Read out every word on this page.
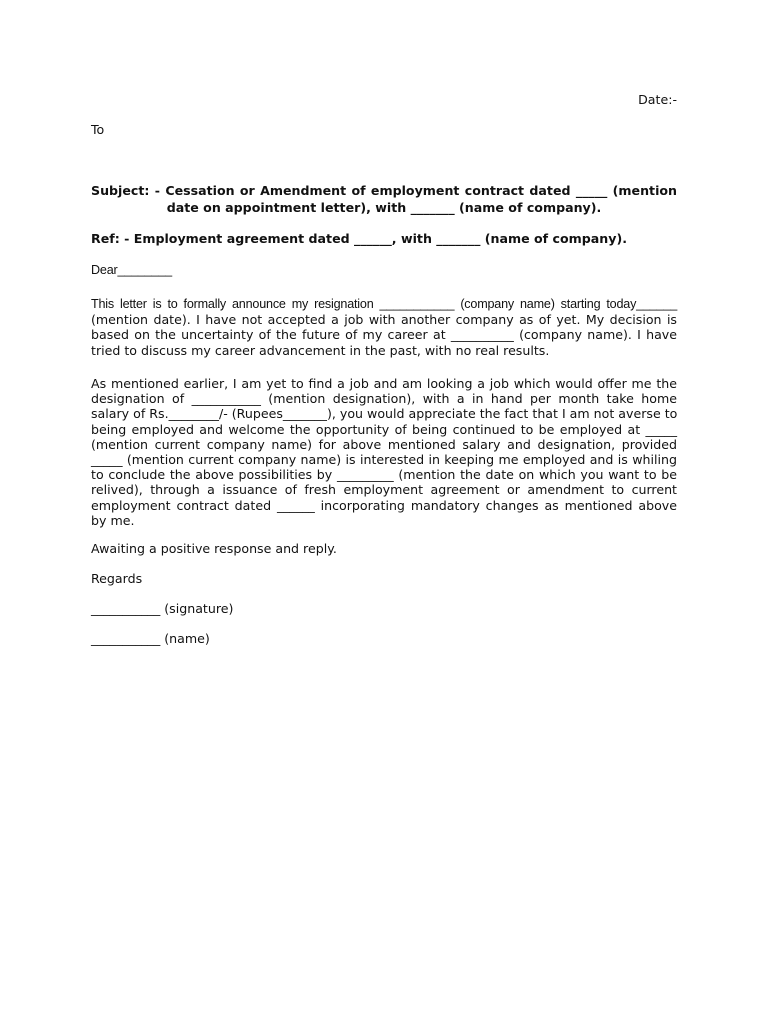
Date:-
To
Subject: - Cessation or Amendment of employment contract dated _____ (mention
date on appointment letter), with _______ (name of company).
Ref: - Employment agreement dated ______, with _______ (name of company).
Dear________
This letter is to formally announce my resignation ___________ (company name) starting today______
(mention date). I have not accepted a job with another company as of yet. My decision is
based on the uncertainty of the future of my career at __________ (company name). I have
tried to discuss my career advancement in the past, with no real results.
As mentioned earlier, I am yet to find a job and am looking a job which would offer me the
designation of ___________ (mention designation), with a in hand per month take home
salary of Rs.________/- (Rupees_______), you would appreciate the fact that I am not averse to
being employed and welcome the opportunity of being continued to be employed at _____
(mention current company name) for above mentioned salary and designation, provided
_____ (mention current company name) is interested in keeping me employed and is whiling
to conclude the above possibilities by _________ (mention the date on which you want to be
relived), through a issuance of fresh employment agreement or amendment to current
employment contract dated ______ incorporating mandatory changes as mentioned above
by me.
Awaiting a positive response and reply.
Regards
___________ (signature)
___________ (name)
